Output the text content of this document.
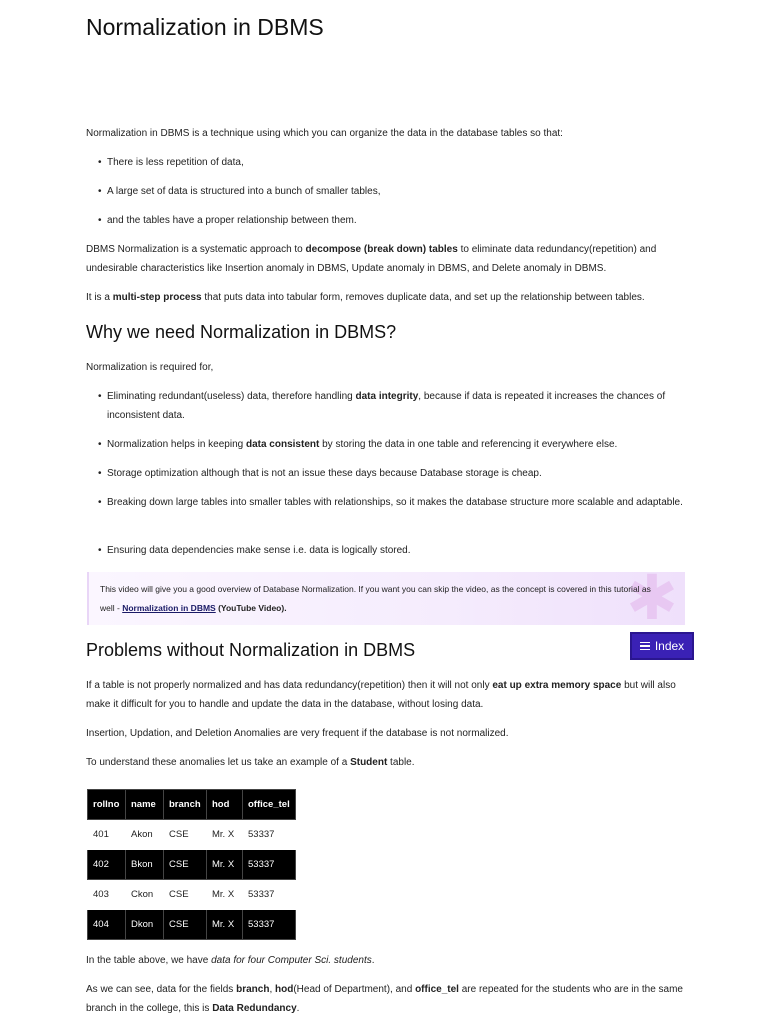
Normalization in DBMS

Normalization in DBMS is a technique using which you can organize the data in the database tables so that:

• There is less repetition of data,

• A large set of data is structured into a bunch of smaller tables,

• and the tables have a proper relationship between them.

DBMS Normalization is a systematic approach to decompose (break down) tables to eliminate data redundancy(repetition) and undesirable characteristics like Insertion anomaly in DBMS, Update anomaly in DBMS, and Delete anomaly in DBMS.

It is a multi-step process that puts data into tabular form, removes duplicate data, and set up the relationship between tables.

Why we need Normalization in DBMS?

Normalization is required for,

• Eliminating redundant(useless) data, therefore handling data integrity, because if data is repeated it increases the chances of inconsistent data.

• Normalization helps in keeping data consistent by storing the data in one table and referencing it everywhere else.

• Storage optimization although that is not an issue these days because Database storage is cheap.

• Breaking down large tables into smaller tables with relationships, so it makes the database structure more scalable and adaptable.

• Ensuring data dependencies make sense i.e. data is logically stored.

✱
This video will give you a good overview of Database Normalization. If you want you can skip the video, as the concept is covered in this tutorial as well - Normalization in DBMS (YouTube Video).
Problems without Normalization in DBMS	Index

If a table is not properly normalized and has data redundancy(repetition) then it will not only eat up extra memory space but will also make it difficult for you to handle and update the data in the database, without losing data.

Insertion, Updation, and Deletion Anomalies are very frequent if the database is not normalized.

To understand these anomalies let us take an example of a Student table.

rollno	name	branch	hod	office_tel
401	Akon	CSE	Mr. X	53337
402	Bkon	CSE	Mr. X	53337
403	Ckon	CSE	Mr. X	53337
404	Dkon	CSE	Mr. X	53337

In the table above, we have data for four Computer Sci. students.

As we can see, data for the fields branch, hod(Head of Department), and office_tel are repeated for the students who are in the same branch in the college, this is Data Redundancy.
